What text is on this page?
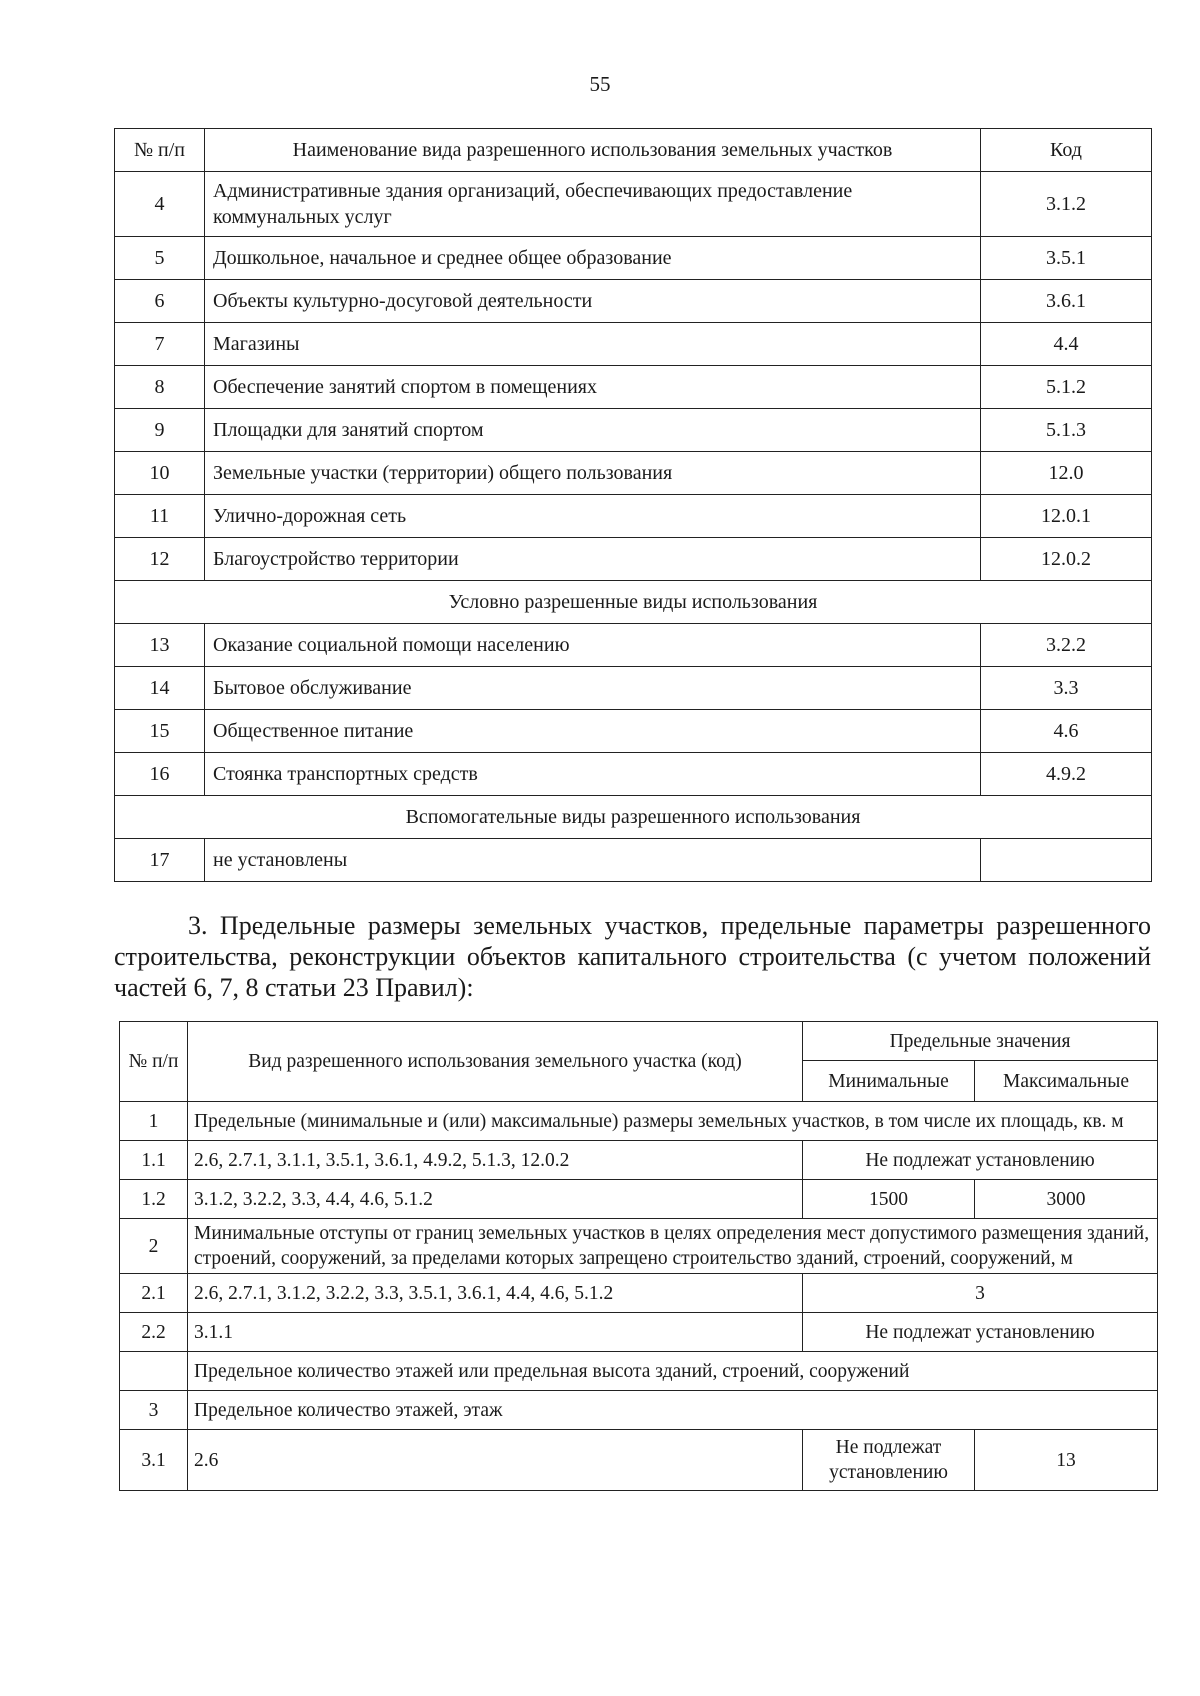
55
№ п/п	Наименование вида разрешенного использования земельных участков	Код
4	Административные здания организаций, обеспечивающих предоставление коммунальных услуг	3.1.2
5	Дошкольное, начальное и среднее общее образование	3.5.1
6	Объекты культурно-досуговой деятельности	3.6.1
7	Магазины	4.4
8	Обеспечение занятий спортом в помещениях	5.1.2
9	Площадки для занятий спортом	5.1.3
10	Земельные участки (территории) общего пользования	12.0
11	Улично-дорожная сеть	12.0.1
12	Благоустройство территории	12.0.2
Условно разрешенные виды использования		
13	Оказание социальной помощи населению	3.2.2
14	Бытовое обслуживание	3.3
15	Общественное питание	4.6
16	Стоянка транспортных средств	4.9.2
Вспомогательные виды разрешенного использования		
17	не установлены	
3. Предельные размеры земельных участков, предельные параметры разрешенного строительства, реконструкции объектов капитального строительства (с учетом положений частей 6, 7, 8 статьи 23 Правил):
№ п/п	Вид разрешенного использования земельного участка (код)	Предельные значения	
		Минимальные	Максимальные
1	Предельные (минимальные и (или) максимальные) размеры земельных участков, в том числе их площадь, кв. м		
1.1	2.6, 2.7.1, 3.1.1, 3.5.1, 3.6.1, 4.9.2, 5.1.3, 12.0.2	Не подлежат установлению	
1.2	3.1.2, 3.2.2, 3.3, 4.4, 4.6, 5.1.2	1500	3000
2	Минимальные отступы от границ земельных участков в целях определения мест допустимого размещения зданий, строений, сооружений, за пределами которых запрещено строительство зданий, строений, сооружений, м		
2.1	2.6, 2.7.1, 3.1.2, 3.2.2, 3.3, 3.5.1, 3.6.1, 4.4, 4.6, 5.1.2	3	
2.2	3.1.1	Не подлежат установлению	
	Предельное количество этажей или предельная высота зданий, строений, сооружений		
3	Предельное количество этажей, этаж		
3.1	2.6	Не подлежат установлению	13
